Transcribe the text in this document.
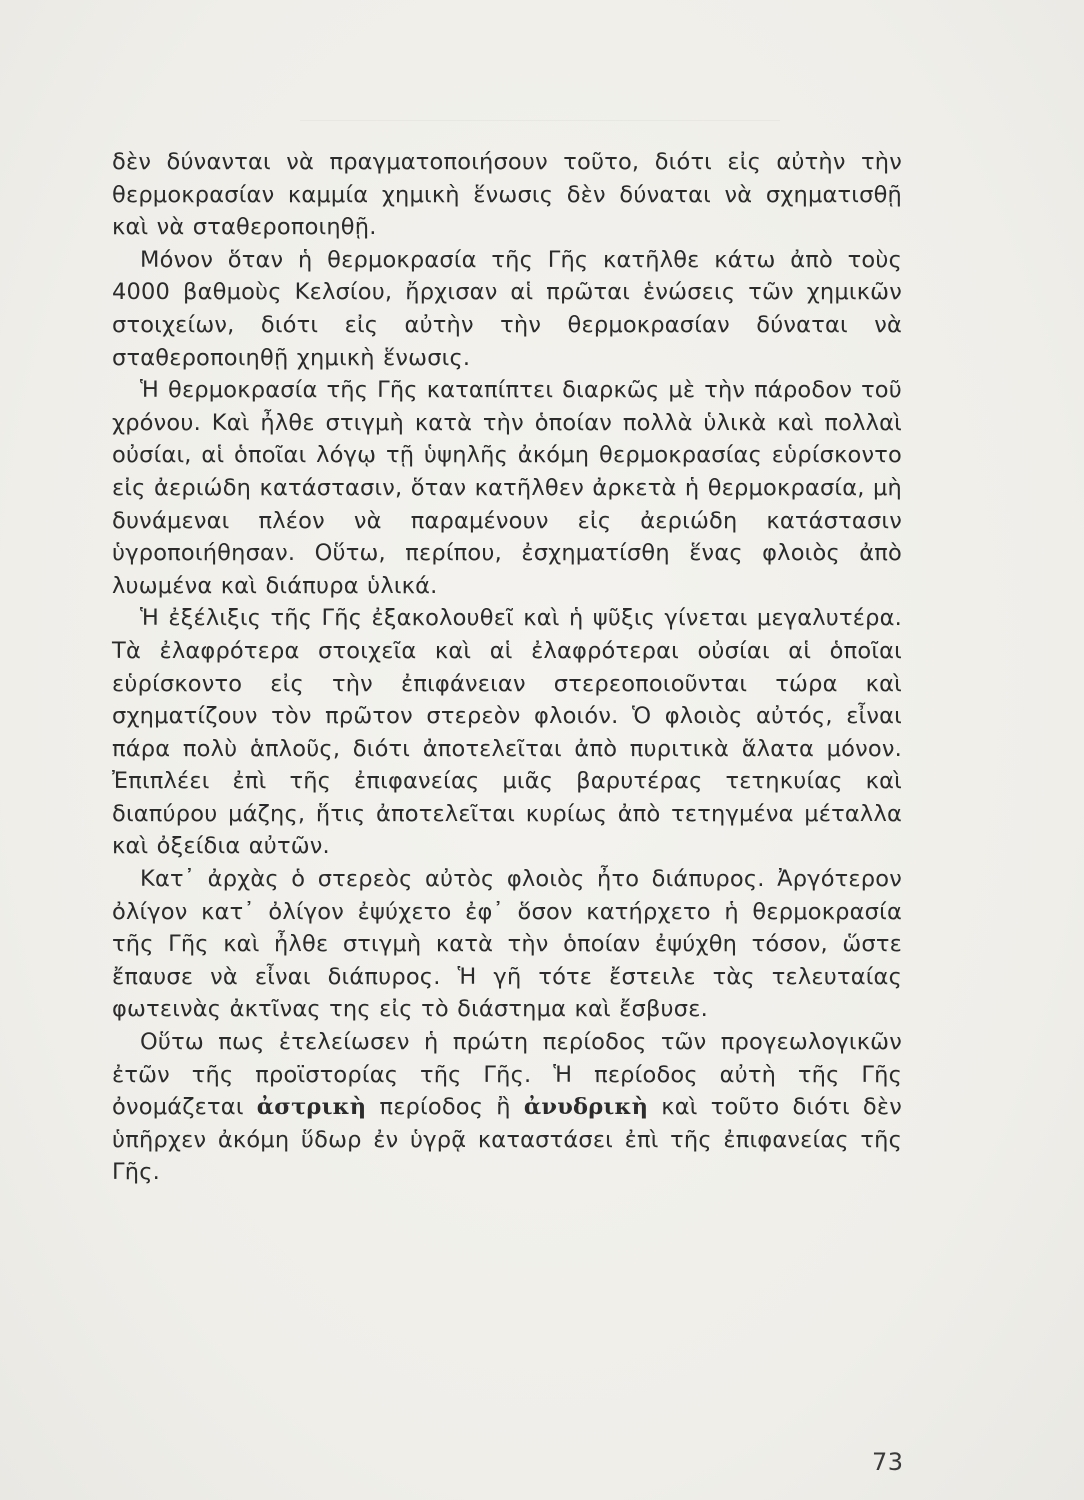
δὲν δύνανται νὰ πραγματοποιήσουν τοῦτο, διότι εἰς αὐτὴν τὴν θερμοκρασίαν καμμία χημικὴ ἕνωσις δὲν δύναται νὰ σχηματισθῇ καὶ νὰ σταθεροποιηθῇ.

Μόνον ὅταν ἡ θερμοκρασία τῆς Γῆς κατῆλθε κάτω ἀπὸ τοὺς 4000 βαθμοὺς Κελσίου, ἤρχισαν αἱ πρῶται ἑνώσεις τῶν χημικῶν στοιχείων, διότι εἰς αὐτὴν τὴν θερμοκρασίαν δύναται νὰ σταθεροποιηθῇ χημικὴ ἕνωσις.

Ἡ θερμοκρασία τῆς Γῆς καταπίπτει διαρκῶς μὲ τὴν πάροδον τοῦ χρόνου. Καὶ ἦλθε στιγμὴ κατὰ τὴν ὁποίαν πολλὰ ὑλικὰ καὶ πολλαὶ οὐσίαι, αἱ ὁποῖαι λόγῳ τῇ ὑψηλῆς ἀκόμη θερμοκρασίας εὑρίσκοντο εἰς ἀεριώδη κατάστασιν, ὅταν κατῆλθεν ἀρκετὰ ἡ θερμοκρασία, μὴ δυνάμεναι πλέον νὰ παραμένουν εἰς ἀεριώδη κατάστασιν ὑγροποιήθησαν. Οὕτω, περίπου, ἐσχηματίσθη ἕνας φλοιὸς ἀπὸ λυωμένα καὶ διάπυρα ὑλικά.

Ἡ ἐξέλιξις τῆς Γῆς ἐξακολουθεῖ καὶ ἡ ψῦξις γίνεται μεγαλυτέρα. Τὰ ἐλαφρότερα στοιχεῖα καὶ αἱ ἐλαφρότεραι οὐσίαι αἱ ὁποῖαι εὑρίσκοντο εἰς τὴν ἐπιφάνειαν στερεοποιοῦνται τώρα καὶ σχηματίζουν τὸν πρῶτον στερεὸν φλοιόν. Ὁ φλοιὸς αὐτός, εἶναι πάρα πολὺ ἁπλοῦς, διότι ἀποτελεῖται ἀπὸ πυριτικὰ ἅλατα μόνον. Ἐπιπλέει ἐπὶ τῆς ἐπιφανείας μιᾶς βαρυτέρας τετηκυίας καὶ διαπύρου μάζης, ἥτις ἀποτελεῖται κυρίως ἀπὸ τετηγμένα μέταλλα καὶ ὀξείδια αὐτῶν.

Κατ᾽ ἀρχὰς ὁ στερεὸς αὐτὸς φλοιὸς ἦτο διάπυρος. Ἀργότερον ὀλίγον κατ᾽ ὀλίγον ἐψύχετο ἐφ᾽ ὅσον κατήρχετο ἡ θερμοκρασία τῆς Γῆς καὶ ἦλθε στιγμὴ κατὰ τὴν ὁποίαν ἐψύχθη τόσον, ὥστε ἔπαυσε νὰ εἶναι διάπυρος. Ἡ γῆ τότε ἔστειλε τὰς τελευταίας φωτεινὰς ἀκτῖνας της εἰς τὸ διάστημα καὶ ἔσβυσε.

Οὕτω πως ἐτελείωσεν ἡ πρώτη περίοδος τῶν προγεωλογικῶν ἐτῶν τῆς προϊστορίας τῆς Γῆς. Ἡ περίοδος αὐτὴ τῆς Γῆς ὀνομάζεται ἀστρικὴ περίοδος ἢ ἀνυδρικὴ καὶ τοῦτο διότι δὲν ὑπῆρχεν ἀκόμη ὕδωρ ἐν ὑγρᾷ καταστάσει ἐπὶ τῆς ἐπιφανείας τῆς Γῆς.

73
